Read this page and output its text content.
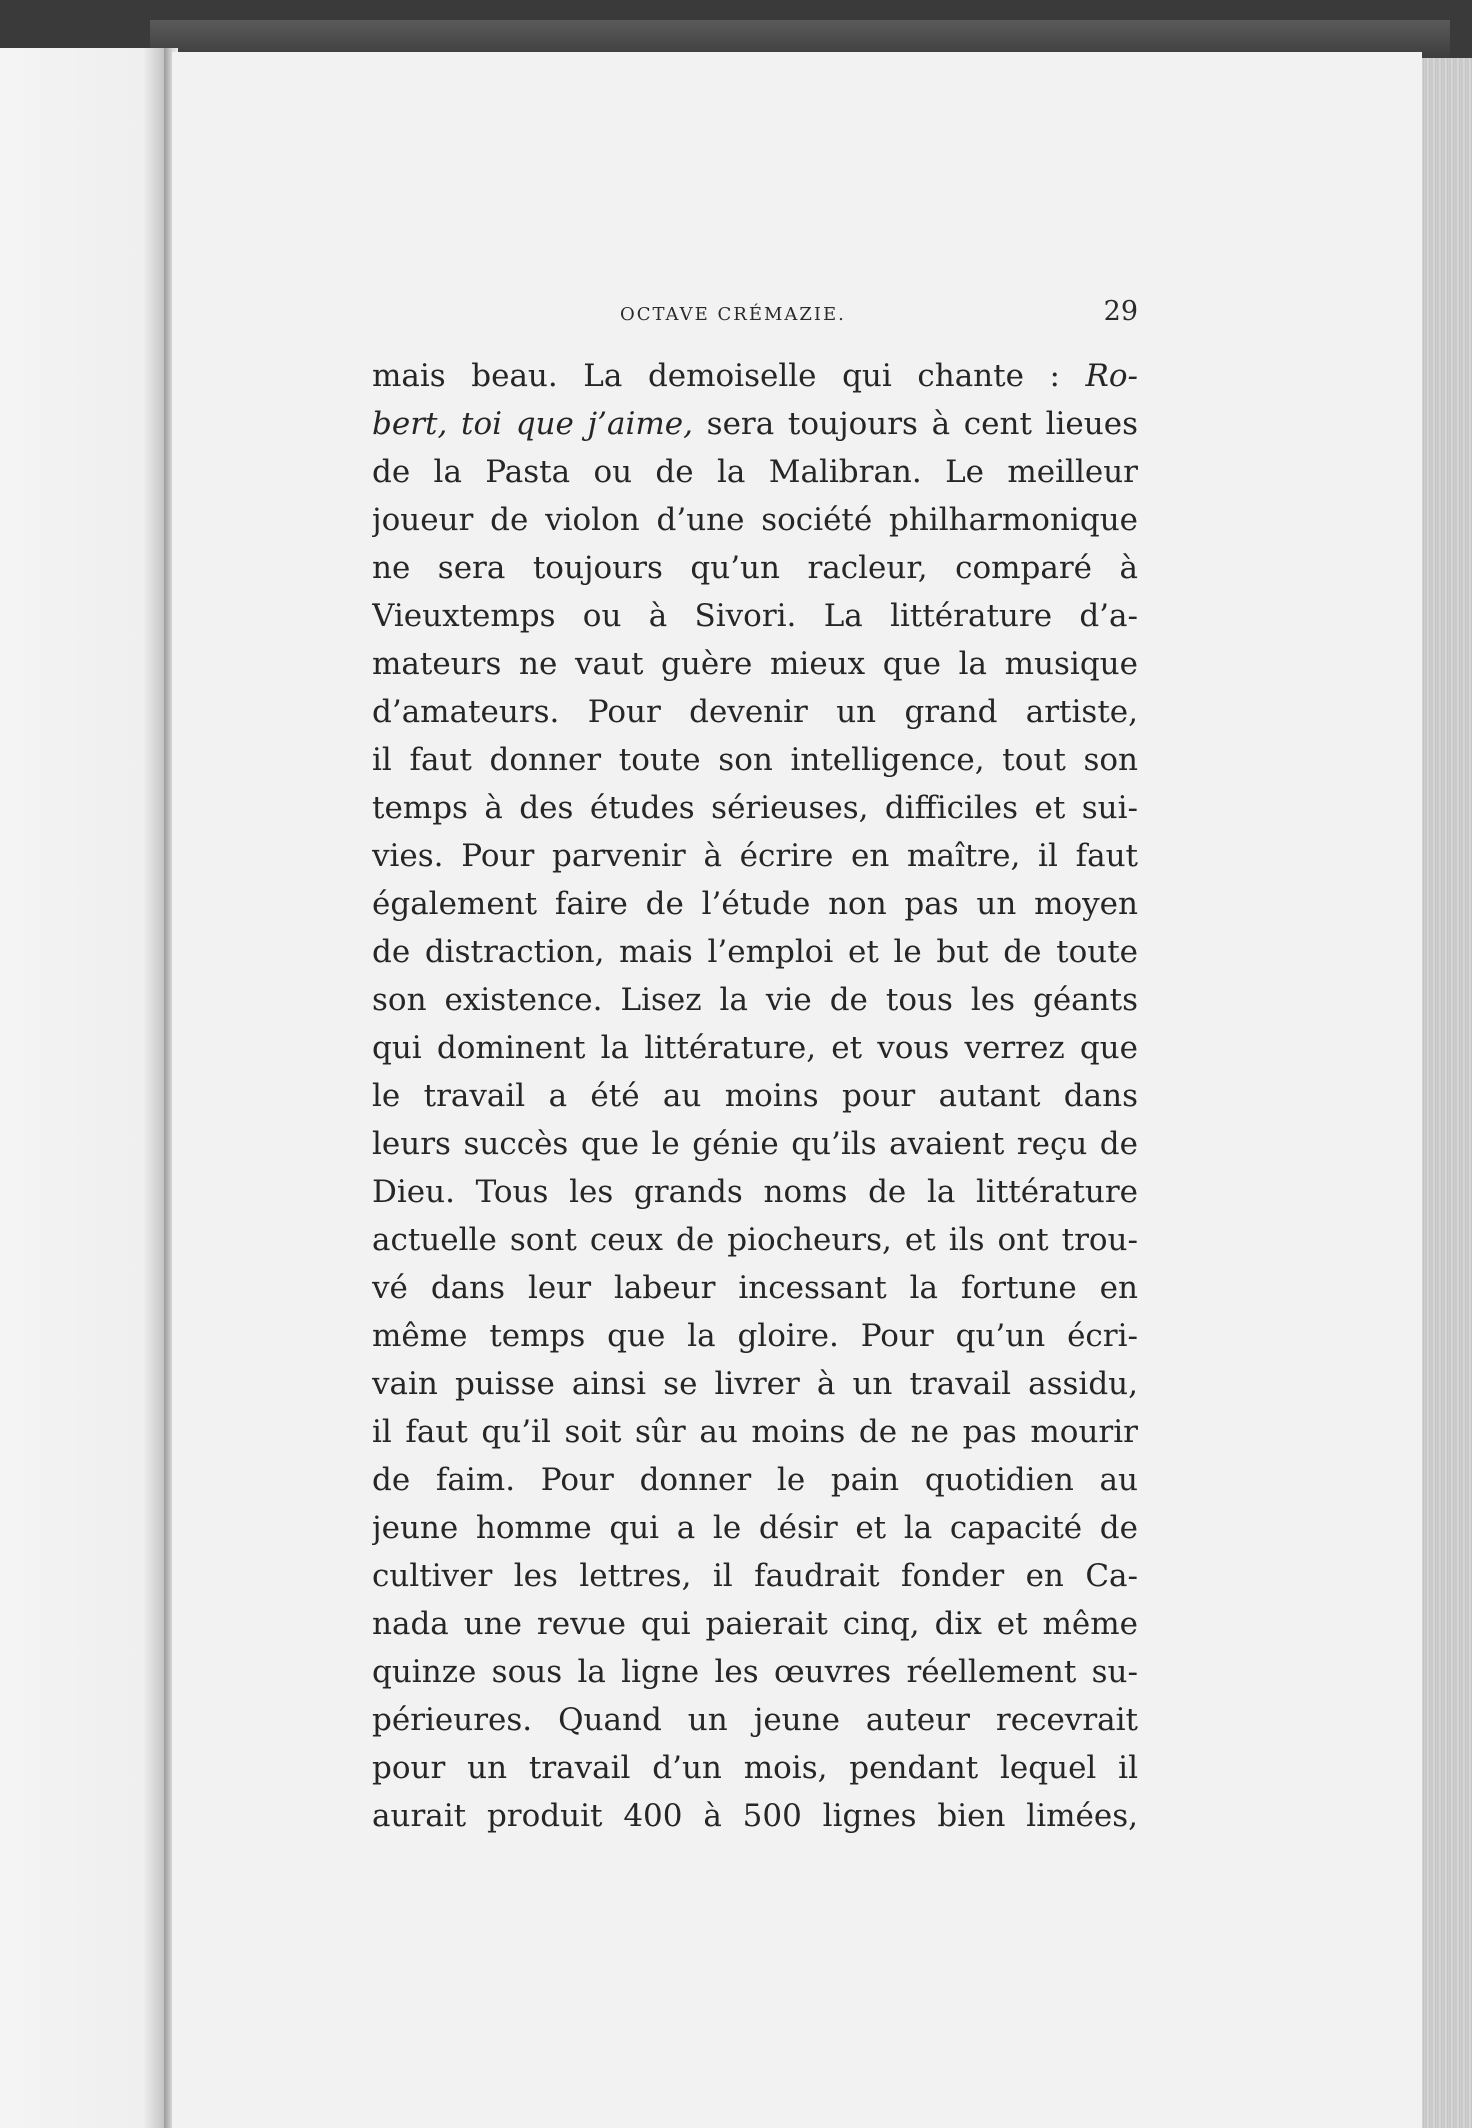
OCTAVE CRÉMAZIE.	29
mais beau. La demoiselle qui chante : Ro-
bert, toi que j’aime, sera toujours à cent lieues
de la Pasta ou de la Malibran. Le meilleur
joueur de violon d’une société philharmonique
ne sera toujours qu’un racleur, comparé à
Vieuxtemps ou à Sivori. La littérature d’a-
mateurs ne vaut guère mieux que la musique
d’amateurs. Pour devenir un grand artiste,
il faut donner toute son intelligence, tout son
temps à des études sérieuses, difficiles et sui-
vies. Pour parvenir à écrire en maître, il faut
également faire de l’étude non pas un moyen
de distraction, mais l’emploi et le but de toute
son existence. Lisez la vie de tous les géants
qui dominent la littérature, et vous verrez que
le travail a été au moins pour autant dans
leurs succès que le génie qu’ils avaient reçu de
Dieu. Tous les grands noms de la littérature
actuelle sont ceux de piocheurs, et ils ont trou-
vé dans leur labeur incessant la fortune en
même temps que la gloire. Pour qu’un écri-
vain puisse ainsi se livrer à un travail assidu,
il faut qu’il soit sûr au moins de ne pas mourir
de faim. Pour donner le pain quotidien au
jeune homme qui a le désir et la capacité de
cultiver les lettres, il faudrait fonder en Ca-
nada une revue qui paierait cinq, dix et même
quinze sous la ligne les œuvres réellement su-
périeures. Quand un jeune auteur recevrait
pour un travail d’un mois, pendant lequel il
aurait produit 400 à 500 lignes bien limées,
